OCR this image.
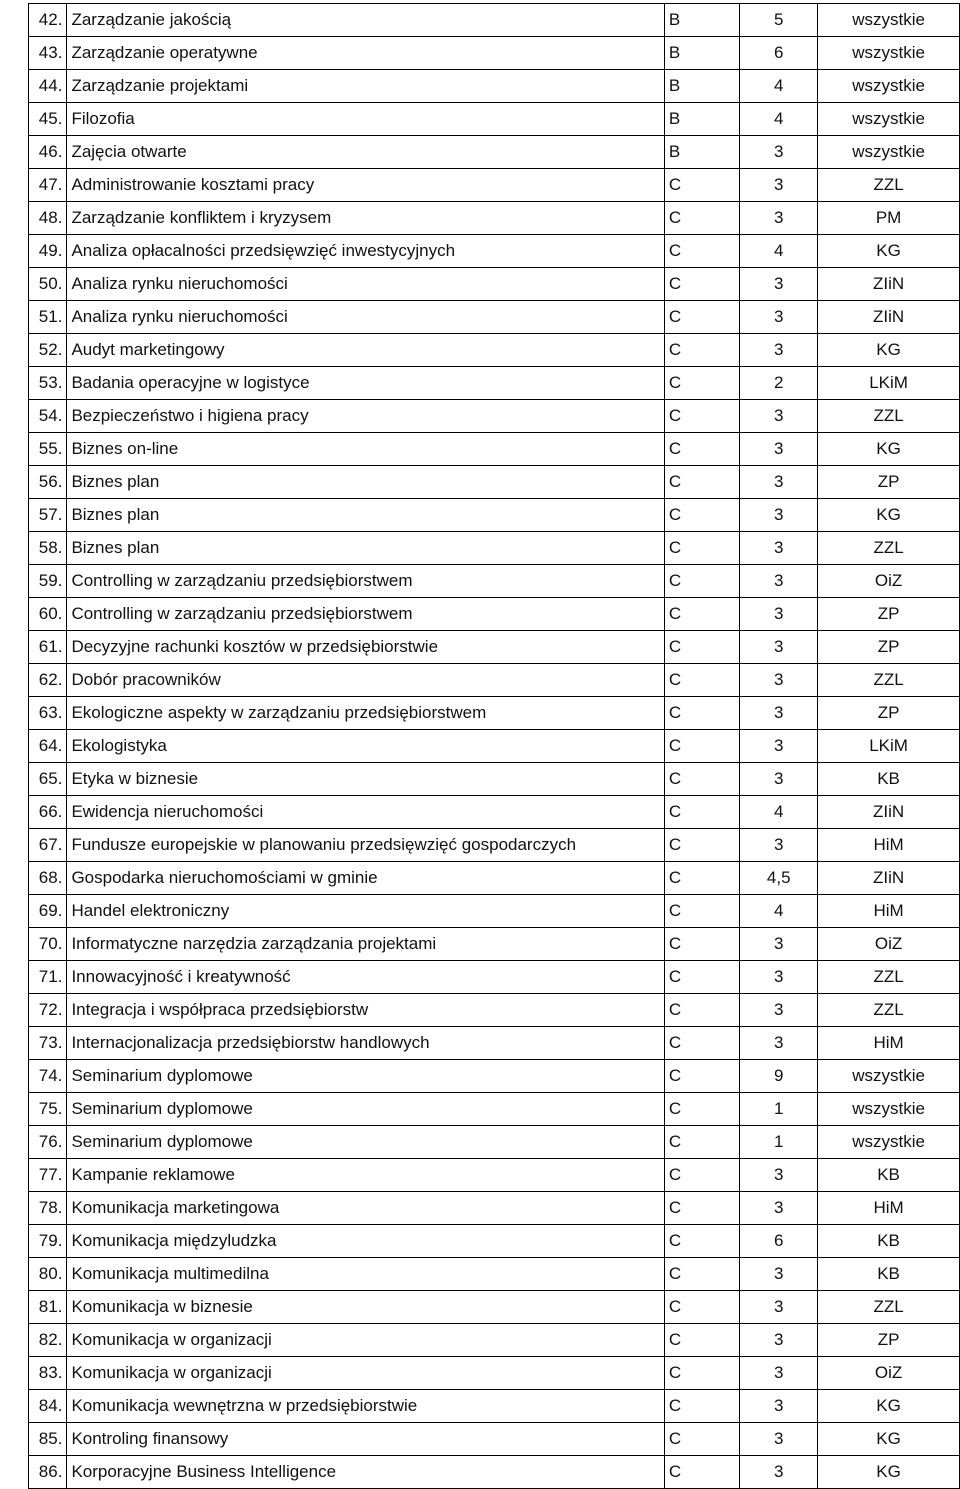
42.	Zarządzanie jakością	B	5	wszystkie
43.	Zarządzanie operatywne	B	6	wszystkie
44.	Zarządzanie projektami	B	4	wszystkie
45.	Filozofia	B	4	wszystkie
46.	Zajęcia otwarte	B	3	wszystkie
47.	Administrowanie kosztami pracy	C	3	ZZL
48.	Zarządzanie konfliktem i kryzysem	C	3	PM
49.	Analiza opłacalności przedsięwzięć inwestycyjnych	C	4	KG
50.	Analiza rynku nieruchomości	C	3	ZIiN
51.	Analiza rynku nieruchomości	C	3	ZIiN
52.	Audyt marketingowy	C	3	KG
53.	Badania operacyjne w logistyce	C	2	LKiM
54.	Bezpieczeństwo i higiena pracy	C	3	ZZL
55.	Biznes on-line	C	3	KG
56.	Biznes plan	C	3	ZP
57.	Biznes plan	C	3	KG
58.	Biznes plan	C	3	ZZL
59.	Controlling w zarządzaniu przedsiębiorstwem	C	3	OiZ
60.	Controlling w zarządzaniu przedsiębiorstwem	C	3	ZP
61.	Decyzyjne rachunki kosztów w przedsiębiorstwie	C	3	ZP
62.	Dobór pracowników	C	3	ZZL
63.	Ekologiczne aspekty w zarządzaniu przedsiębiorstwem	C	3	ZP
64.	Ekologistyka	C	3	LKiM
65.	Etyka w biznesie	C	3	KB
66.	Ewidencja nieruchomości	C	4	ZIiN
67.	Fundusze europejskie w planowaniu przedsięwzięć gospodarczych	C	3	HiM
68.	Gospodarka nieruchomościami w gminie	C	4,5	ZIiN
69.	Handel elektroniczny	C	4	HiM
70.	Informatyczne narzędzia zarządzania projektami	C	3	OiZ
71.	Innowacyjność i kreatywność	C	3	ZZL
72.	Integracja i współpraca przedsiębiorstw	C	3	ZZL
73.	Internacjonalizacja przedsiębiorstw handlowych	C	3	HiM
74.	Seminarium dyplomowe	C	9	wszystkie
75.	Seminarium dyplomowe	C	1	wszystkie
76.	Seminarium dyplomowe	C	1	wszystkie
77.	Kampanie reklamowe	C	3	KB
78.	Komunikacja marketingowa	C	3	HiM
79.	Komunikacja międzyludzka	C	6	KB
80.	Komunikacja multimedilna	C	3	KB
81.	Komunikacja w biznesie	C	3	ZZL
82.	Komunikacja w organizacji	C	3	ZP
83.	Komunikacja w organizacji	C	3	OiZ
84.	Komunikacja wewnętrzna w przedsiębiorstwie	C	3	KG
85.	Kontroling finansowy	C	3	KG
86.	Korporacyjne Business Intelligence	C	3	KG
